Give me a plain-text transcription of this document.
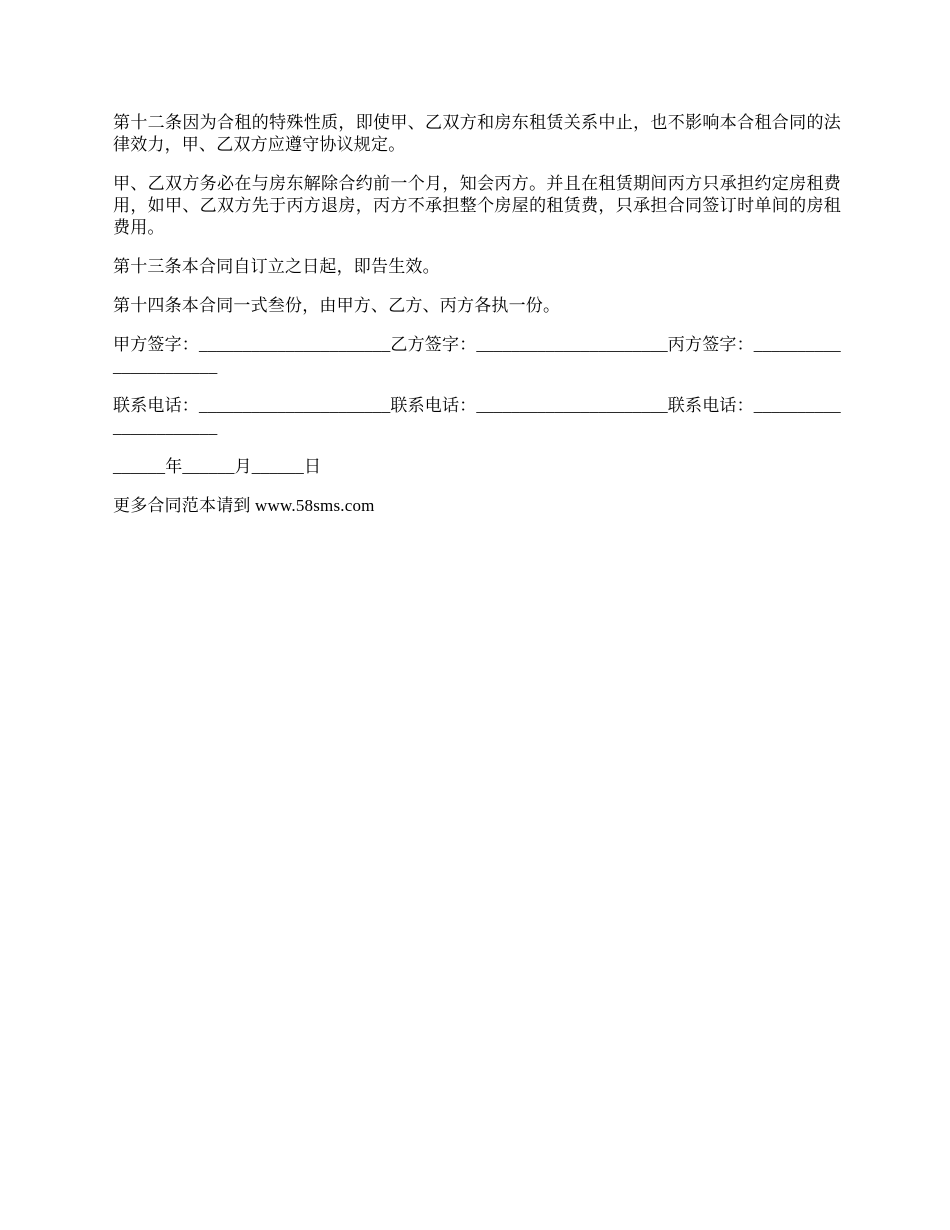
第十二条因为合租的特殊性质，即使甲、乙双方和房东租赁关系中止，也不影响本合租合同的法律效力，甲、乙双方应遵守协议规定。

甲、乙双方务必在与房东解除合约前一个月，知会丙方。并且在租赁期间丙方只承担约定房租费用，如甲、乙双方先于丙方退房，丙方不承担整个房屋的租赁费，只承担合同签订时单间的房租费用。

第十三条本合同自订立之日起，即告生效。

第十四条本合同一式叁份，由甲方、乙方、丙方各执一份。

甲方签字：______________________乙方签字：______________________丙方签字：______________________

联系电话：______________________联系电话：______________________联系电话：______________________

______年______月______日

更多合同范本请到 www.58sms.com
